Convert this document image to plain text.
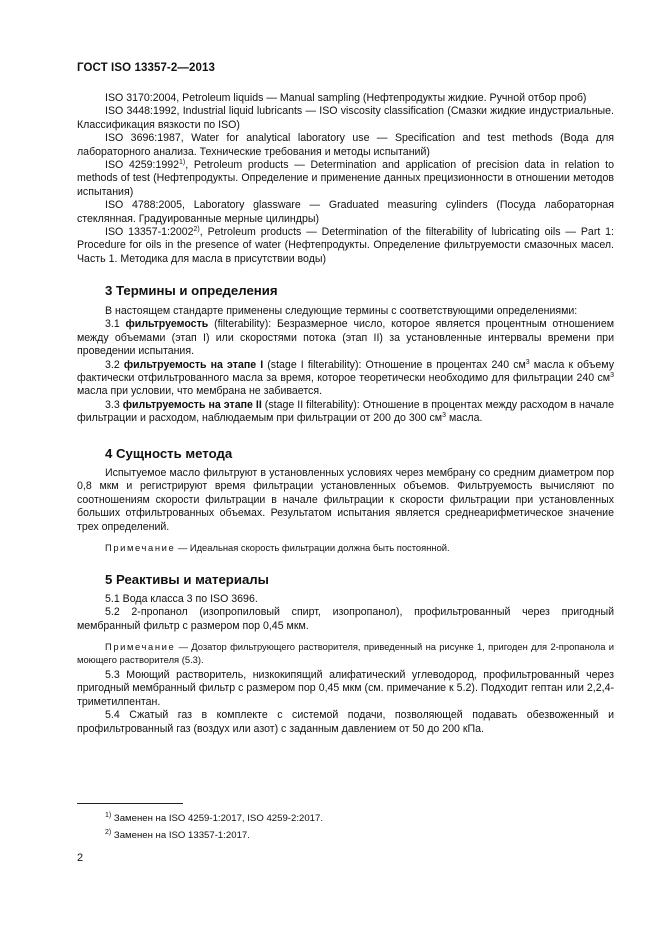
ГОСТ ISO 13357-2—2013

ISO 3170:2004, Petroleum liquids — Manual sampling (Нефтепродукты жидкие. Ручной отбор проб)

ISO 3448:1992, Industrial liquid lubricants — ISO viscosity classification (Смазки жидкие индустриальные. Классификация вязкости по ISO)

ISO 3696:1987, Water for analytical laboratory use — Specification and test methods (Вода для лабораторного анализа. Технические требования и методы испытаний)

ISO 4259:1992$^{1)}$, Petroleum products — Determination and application of precision data in relation to methods of test (Нефтепродукты. Определение и применение данных прецизионности в отношении методов испытания)

ISO 4788:2005, Laboratory glassware — Graduated measuring cylinders (Посуда лабораторная стеклянная. Градуированные мерные цилиндры)

ISO 13357-1:2002$^{2)}$, Petroleum products — Determination of the filterability of lubricating oils — Part 1: Procedure for oils in the presence of water (Нефтепродукты. Определение фильтруемости смазочных масел. Часть 1. Методика для масла в присутствии воды)

3 Термины и определения

В настоящем стандарте применены следующие термины с соответствующими определениями:

3.1 фильтруемость (filterability): Безразмерное число, которое является процентным отношением между объемами (этап I) или скоростями потока (этап II) за установленные интервалы времени при проведении испытания.

3.2 фильтруемость на этапе I (stage I filterability): Отношение в процентах 240 $см^3$ масла к объему фактически отфильтрованного масла за время, которое теоретически необходимо для фильтрации 240 $см^3$ масла при условии, что мембрана не забивается.

3.3 фильтруемость на этапе II (stage II filterability): Отношение в процентах между расходом в начале фильтрации и расходом, наблюдаемым при фильтрации от 200 до 300 $см^3$ масла.

4 Сущность метода
Испытуемое масло фильтруют в установленных условиях через мембрану со средним диаметром пор 0,8 мкм и регистрируют время фильтрации установленных объемов. Фильтруемость вычисляют по соотношениям скорости фильтрации в начале фильтрации к скорости фильтрации при установленных больших отфильтрованных объемах. Результатом испытания является среднеарифметическое значение трех определений.
Примечание — Идеальная скорость фильтрации должна быть постоянной.
5 Реактивы и материалы

5.1 Вода класса 3 по ISO 3696.

5.2 2-пропанол (изопропиловый спирт, изопропанол), профильтрованный через пригодный мембранный фильтр с размером пор 0,45 мкм.

Примечание — Дозатор фильтрующего растворителя, приведенный на рисунке 1, пригоден для 2-пропанола и моющего растворителя (5.3).

5.3 Моющий растворитель, низкокипящий алифатический углеводород, профильтрованный через пригодный мембранный фильтр с размером пор 0,45 мкм (см. примечание к 5.2). Подходит гептан или 2,2,4-триметилпентан.

5.4 Сжатый газ в комплекте с системой подачи, позволяющей подавать обезвоженный и профильтрованный газ (воздух или азот) с заданным давлением от 50 до 200 кПа.

$^{1)}$ Заменен на ISO 4259-1:2017, ISO 4259-2:2017.
$^{2)}$ Заменен на ISO 13357-1:2017.
2
